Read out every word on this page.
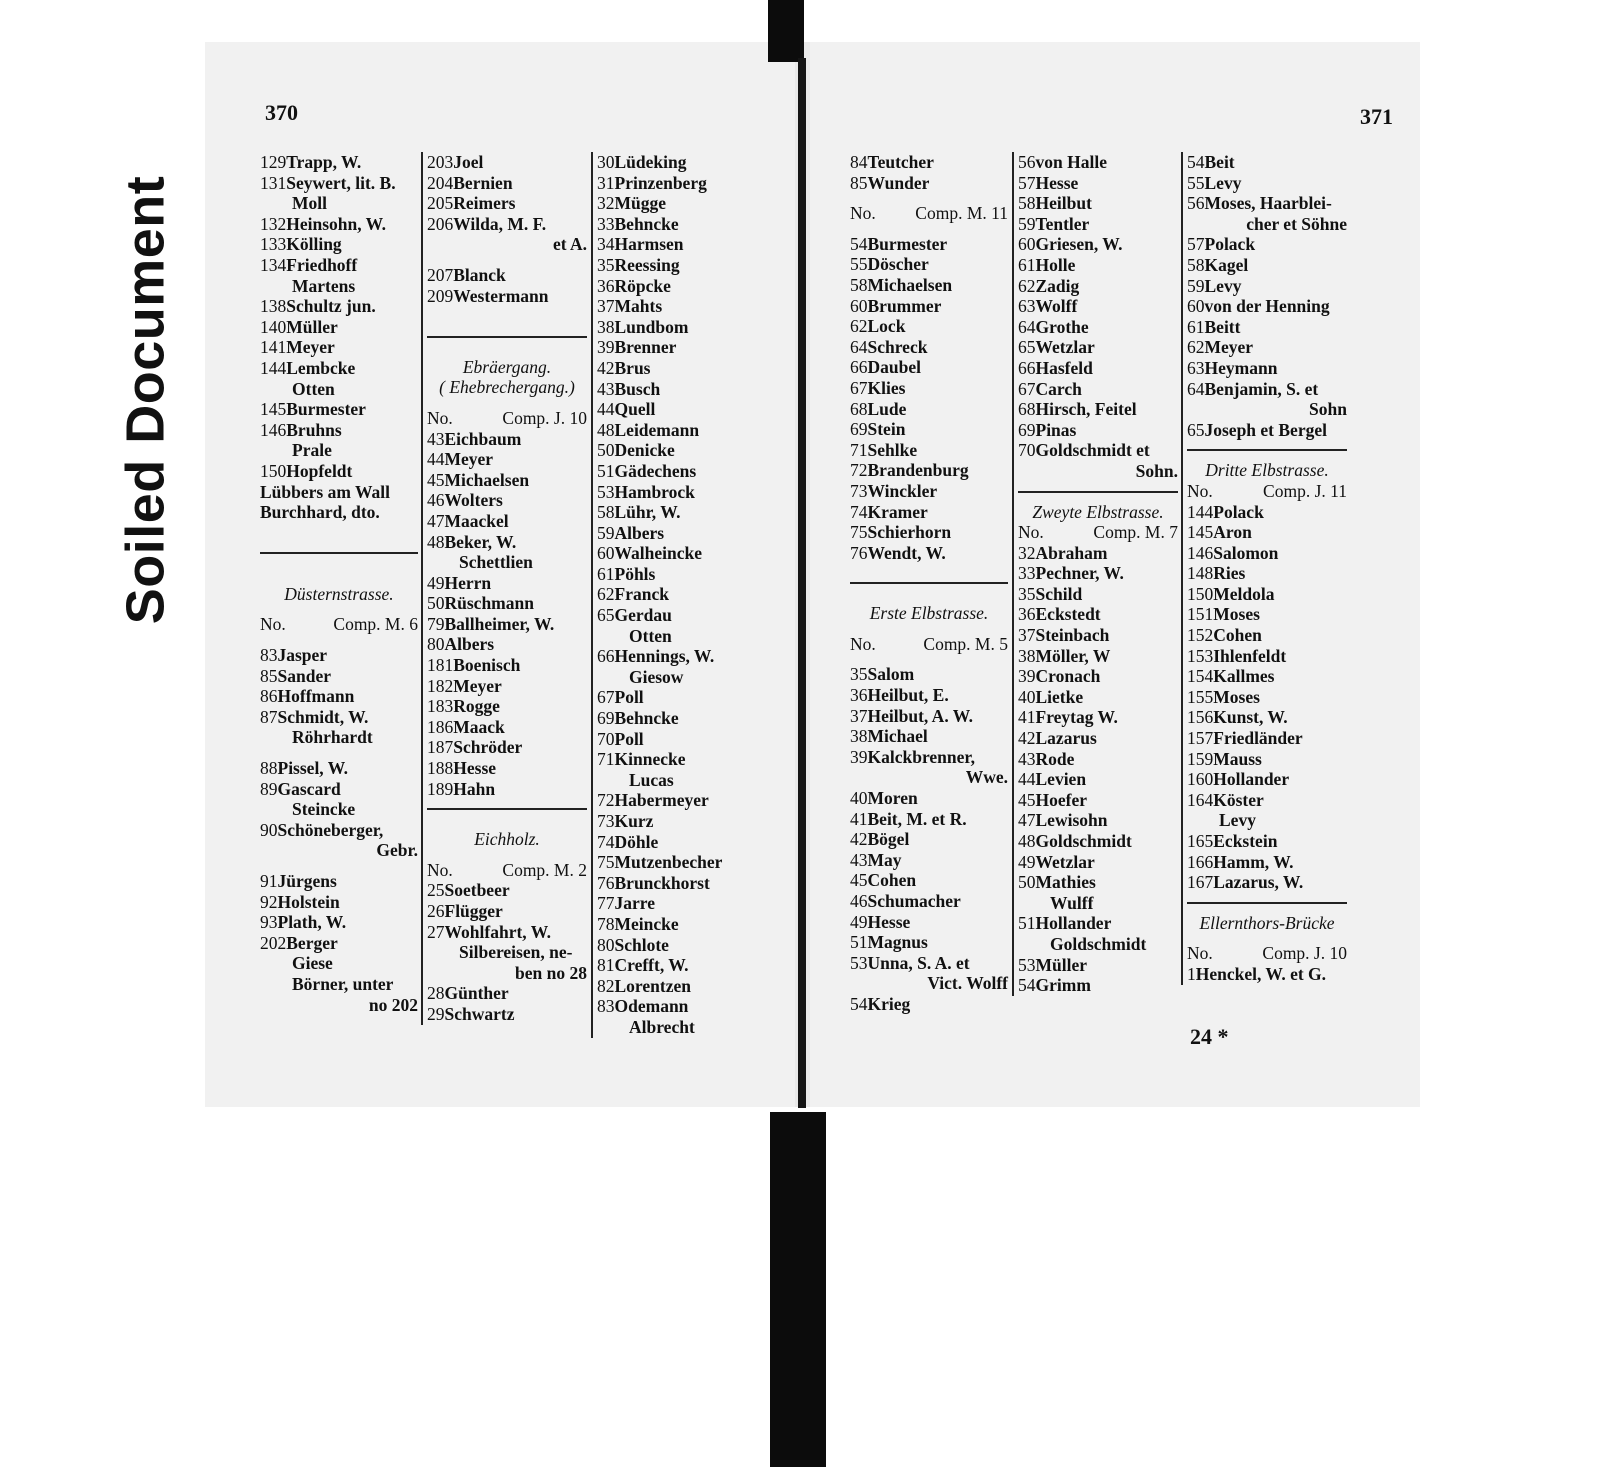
Soiled Document
370
129Trapp, W.
131Seywert, lit. B.
Moll
132Heinsohn, W.
133Kölling
134Friedhoff
Martens
138Schultz jun.
140Müller
141Meyer
144Lembcke
Otten
145Burmester
146Bruhns
Prale
150Hopfeldt
Lübbers am Wall
Burchhard, dto.
Düsternstrasse.
No.	Comp. M. 6
83Jasper
85Sander
86Hoffmann
87Schmidt, W.
Röhrhardt
88Pissel, W.
89Gascard
Steincke
90Schöneberger,
Gebr.
91Jürgens
92Holstein
93Plath, W.
202Berger
Giese
Börner, unter
no 202
203Joel
204Bernien
205Reimers
206Wilda, M. F.
et A.
207Blanck
209Westermann
Ebräergang.
( Ehebrechergang.)
No.	Comp. J. 10
43Eichbaum
44Meyer
45Michaelsen
46Wolters
47Maackel
48Beker, W.
Schettlien
49Herrn
50Rüschmann
79Ballheimer, W.
80Albers
181Boenisch
182Meyer
183Rogge
186Maack
187Schröder
188Hesse
189Hahn
Eichholz.
No.	Comp. M. 2
25Soetbeer
26Flügger
27Wohlfahrt, W.
Silbereisen, ne-
ben no 28
28Günther
29Schwartz
30Lüdeking
31Prinzenberg
32Mügge
33Behncke
34Harmsen
35Reessing
36Röpcke
37Mahts
38Lundbom
39Brenner
42Brus
43Busch
44Quell
48Leidemann
50Denicke
51Gädechens
53Hambrock
58Lühr, W.
59Albers
60Walheincke
61Pöhls
62Franck
65Gerdau
Otten
66Hennings, W.
Giesow
67Poll
69Behncke
70Poll
71Kinnecke
Lucas
72Habermeyer
73Kurz
74Döhle
75Mutzenbecher
76Brunckhorst
77Jarre
78Meincke
80Schlote
81Crefft, W.
82Lorentzen
83Odemann
Albrecht
371
84Teutcher
85Wunder
No. Comp. M. 11
54Burmester
55Döscher
58Michaelsen
60Brummer
62Lock
64Schreck
66Daubel
67Klies
68Lude
69Stein
71Sehlke
72Brandenburg
73Winckler
74Kramer
75Schierhorn
76Wendt, W.
Erste Elbstrasse.
No.	Comp. M. 5
35Salom
36Heilbut, E.
37Heilbut, A. W.
38Michael
39Kalckbrenner,
Wwe.
40Moren
41Beit, M. et R.
42Bögel
43May
45Cohen
46Schumacher
49Hesse
51Magnus
53Unna, S. A. et
Vict. Wolff
54Krieg
56von Halle
57Hesse
58Heilbut
59Tentler
60Griesen, W.
61Holle
62Zadig
63Wolff
64Grothe
65Wetzlar
66Hasfeld
67Carch
68Hirsch, Feitel
69Pinas
70Goldschmidt et
Sohn.
Zweyte Elbstrasse.
No.	Comp. M. 7
32Abraham
33Pechner, W.
35Schild
36Eckstedt
37Steinbach
38Möller, W
39Cronach
40Lietke
41Freytag W.
42Lazarus
43Rode
44Levien
45Hoefer
47Lewisohn
48Goldschmidt
49Wetzlar
50Mathies
Wulff
51Hollander
Goldschmidt
53Müller
54Grimm
54Beit
55Levy
56Moses, Haarblei-
cher et Söhne
57Polack
58Kagel
59Levy
60von der Henning
61Beitt
62Meyer
63Heymann
64Benjamin, S. et
Sohn
65Joseph et Bergel
Dritte Elbstrasse.
No.	Comp. J. 11
144Polack
145Aron
146Salomon
148Ries
150Meldola
151Moses
152Cohen
153Ihlenfeldt
154Kallmes
155Moses
156Kunst, W.
157Friedländer
159Mauss
160Hollander
164Köster
Levy
165Eckstein
166Hamm, W.
167Lazarus, W.
Ellernthors-Brücke
No.	Comp. J. 10
1Henckel, W. et G.
24 *
